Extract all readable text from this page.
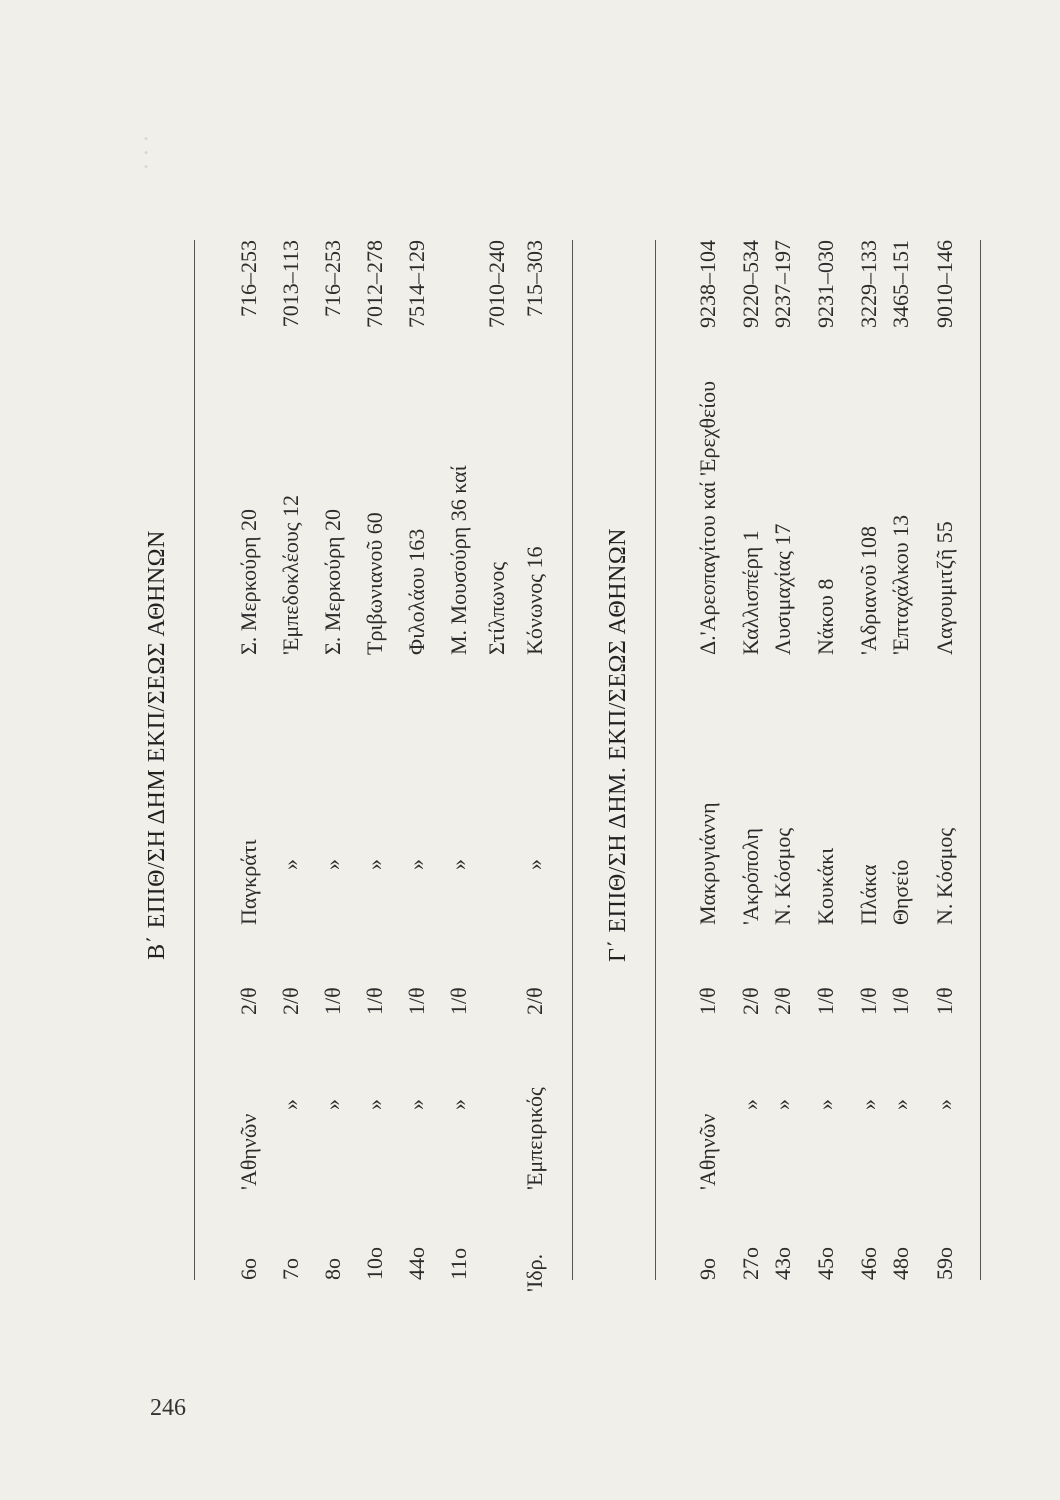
· · ·
246
Β΄ ΕΠΙΘ/ΣΗ ΔΗΜ ΕΚΠ/ΣΕΩΣ ΑΘΗΝΩΝ
6ο
'Αθηνῶν
2/θ
Παγκράτι
Σ. Μερκούρη 20
716–253
7ο
»
2/θ
»
'Εμπεδοκλέους 12
7013–113
8ο
»
1/θ
»
Σ. Μερκούρη 20
716–253
10ο
»
1/θ
»
Τριβωνιανοῦ 60
7012–278
44ο
»
1/θ
»
Φιλολάου 163
7514–129
11ο
»
1/θ
»
Μ. Μουσούρη 36 καί Στίλπωνος
7010–240
'Ιδρ.
'Εμπειρικός
2/θ
»
Κόνωνος 16
715–303
Γ΄ ΕΠΙΘ/ΣΗ ΔΗΜ. ΕΚΠ/ΣΕΩΣ ΑΘΗΝΩΝ
9ο
'Αθηνῶν
1/θ
Μακρυγιάννη
Δ.'Αρεοπαγίτου καί 'Ερεχθείου
9238–104
27ο
»
2/θ
'Ακρόπολη
Καλλισπέρη 1
9220–534
43ο
»
2/θ
Ν. Κόσμος
Λυσιμαχίας 17
9237–197
45ο
»
1/θ
Κουκάκι
Νάκου 8
9231–030
46ο
»
1/θ
Πλάκα
'Αδριανοῦ 108
3229–133
48ο
»
1/θ
Θησείο
'Επταχάλκου 13
3465–151
59ο
»
1/θ
Ν. Κόσμος
Λαγουμιτζῆ 55
9010–146
